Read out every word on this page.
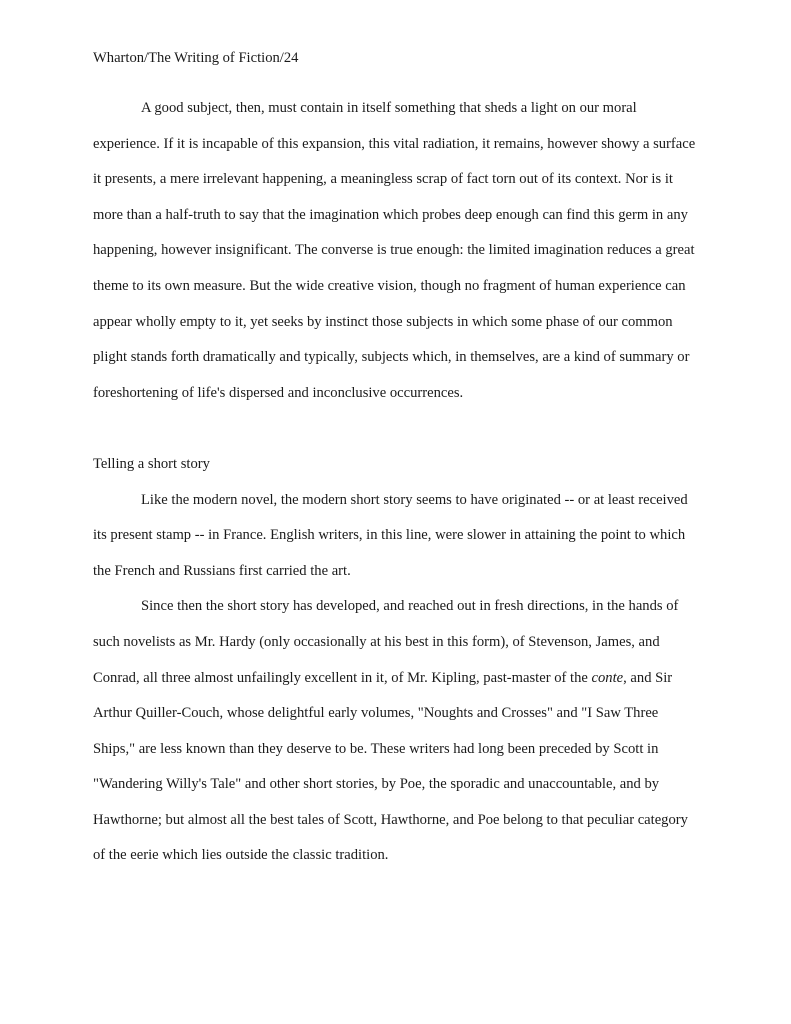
Wharton/The Writing of Fiction/24

A good subject, then, must contain in itself something that sheds a light on our moral experience. If it is incapable of this expansion, this vital radiation, it remains, however showy a surface it presents, a mere irrelevant happening, a meaningless scrap of fact torn out of its context. Nor is it more than a half-truth to say that the imagination which probes deep enough can find this germ in any happening, however insignificant. The converse is true enough: the limited imagination reduces a great theme to its own measure. But the wide creative vision, though no fragment of human experience can appear wholly empty to it, yet seeks by instinct those subjects in which some phase of our common plight stands forth dramatically and typically, subjects which, in themselves, are a kind of summary or foreshortening of life's dispersed and inconclusive occurrences.

Telling a short story

Like the modern novel, the modern short story seems to have originated -- or at least received its present stamp -- in France. English writers, in this line, were slower in attaining the point to which the French and Russians first carried the art.

Since then the short story has developed, and reached out in fresh directions, in the hands of such novelists as Mr. Hardy (only occasionally at his best in this form), of Stevenson, James, and Conrad, all three almost unfailingly excellent in it, of Mr. Kipling, past-master of the conte, and Sir Arthur Quiller-Couch, whose delightful early volumes, "Noughts and Crosses" and "I Saw Three Ships," are less known than they deserve to be. These writers had long been preceded by Scott in "Wandering Willy's Tale" and other short stories, by Poe, the sporadic and unaccountable, and by Hawthorne; but almost all the best tales of Scott, Hawthorne, and Poe belong to that peculiar category of the eerie which lies outside the classic tradition.
